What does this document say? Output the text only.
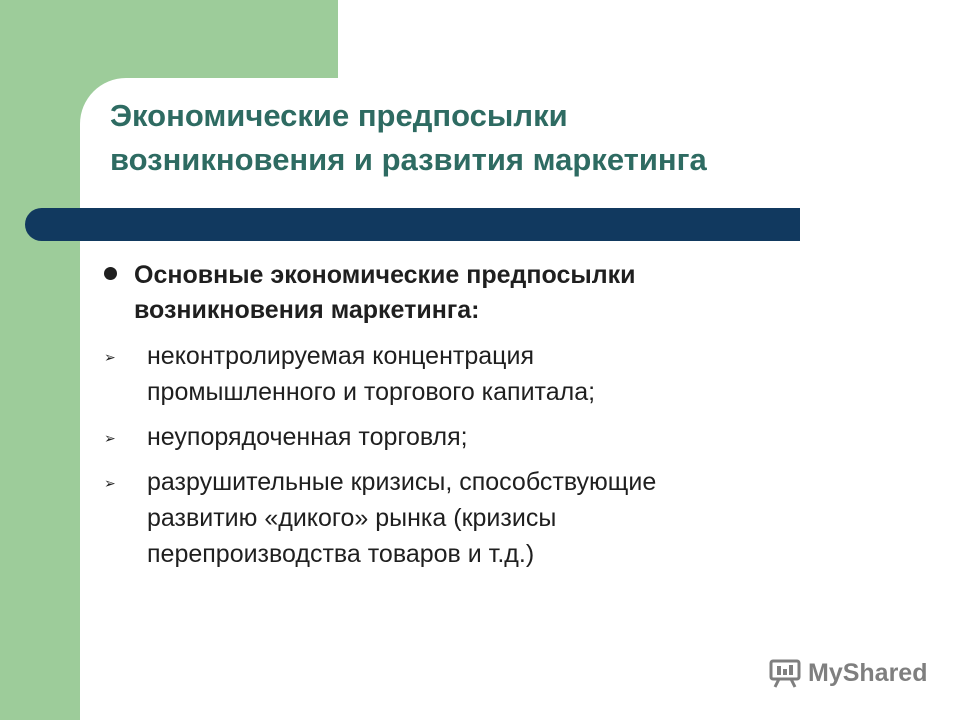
Экономические предпосылки
возникновения и развития маркетинга
Основные экономические предпосылки
возникновения маркетинга:
➢ неконтролируемая концентрация
промышленного и торгового капитала;
➢ неупорядоченная торговля;
➢ разрушительные кризисы, способствующие
развитию «дикого» рынка (кризисы
перепроизводства товаров и т.д.)
MyShared
